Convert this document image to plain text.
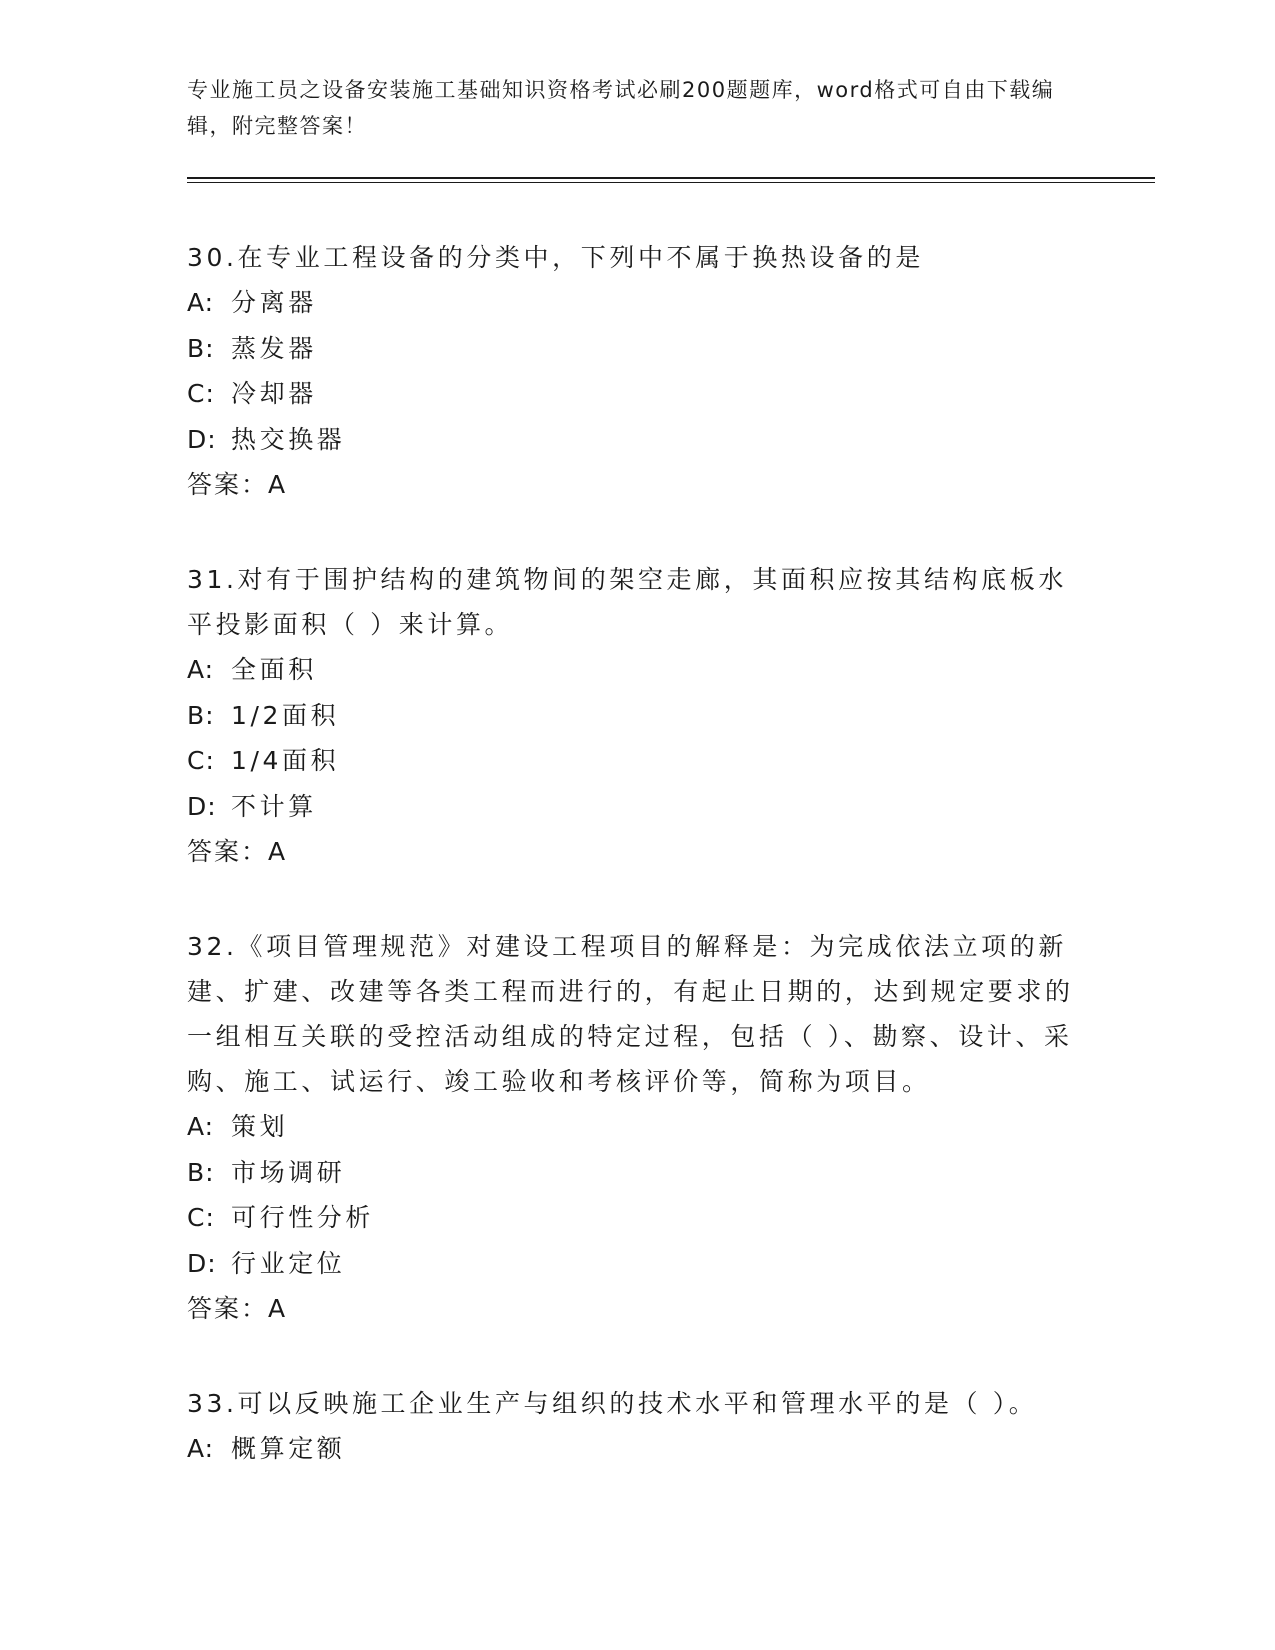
专业施工员之设备安装施工基础知识资格考试必刷200题题库，word格式可自由下载编辑，附完整答案！

30.在专业工程设备的分类中，下列中不属于换热设备的是

A: 分离器

B: 蒸发器

C: 冷却器

D: 热交换器

答案：A

31.对有于围护结构的建筑物间的架空走廊，其面积应按其结构底板水平投影面积（ ）来计算。

A: 全面积

B: 1/2面积

C: 1/4面积

D: 不计算

答案：A

32.《项目管理规范》对建设工程项目的解释是：为完成依法立项的新建、扩建、改建等各类工程而进行的，有起止日期的，达到规定要求的一组相互关联的受控活动组成的特定过程，包括（ ）、勘察、设计、采购、施工、试运行、竣工验收和考核评价等，简称为项目。

A: 策划

B: 市场调研

C: 可行性分析

D: 行业定位

答案：A

33.可以反映施工企业生产与组织的技术水平和管理水平的是（ ）。

A: 概算定额
